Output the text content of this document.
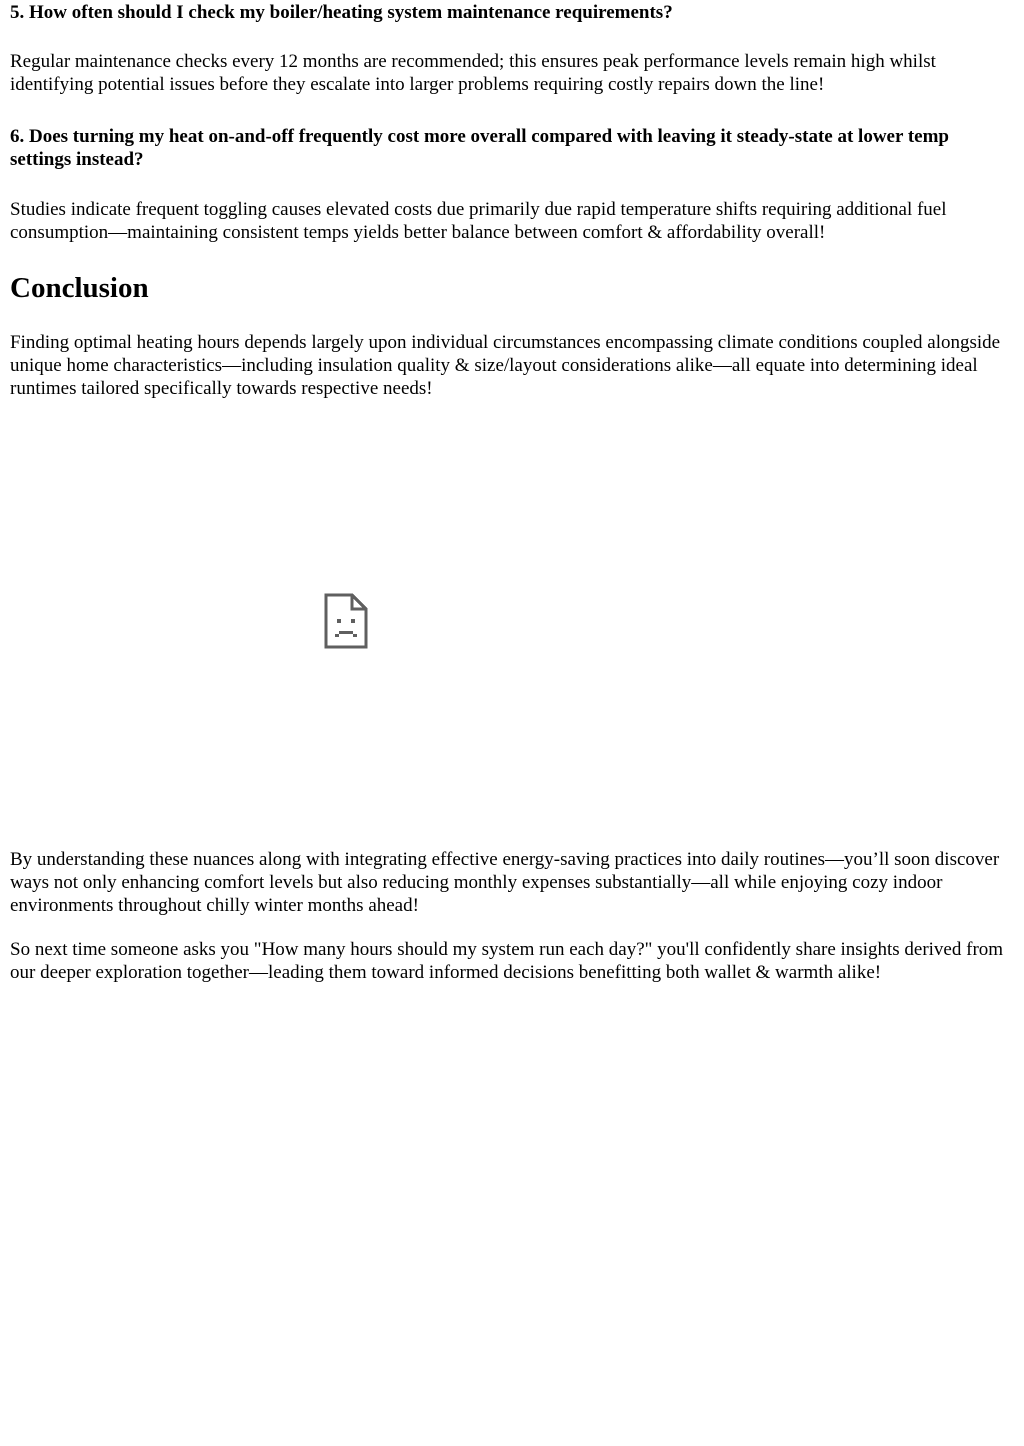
5. How often should I check my boiler/heating system maintenance requirements?

Regular maintenance checks every 12 months are recommended; this ensures peak performance levels remain high whilst identifying potential issues before they escalate into larger problems requiring costly repairs down the line!

6. Does turning my heat on-and-off frequently cost more overall compared with leaving it steady-state at lower temp settings instead?

Studies indicate frequent toggling causes elevated costs due primarily due rapid temperature shifts requiring additional fuel consumption—maintaining consistent temps yields better balance between comfort & affordability overall!

Conclusion

Finding optimal heating hours depends largely upon individual circumstances encompassing climate conditions coupled alongside unique home characteristics—including insulation quality & size/layout considerations alike—all equate into determining ideal runtimes tailored specifically towards respective needs!

By understanding these nuances along with integrating effective energy-saving practices into daily routines—you’ll soon discover ways not only enhancing comfort levels but also reducing monthly expenses substantially—all while enjoying cozy indoor environments throughout chilly winter months ahead!

So next time someone asks you "How many hours should my system run each day?" you'll confidently share insights derived from our deeper exploration together—leading them toward informed decisions benefitting both wallet & warmth alike!
